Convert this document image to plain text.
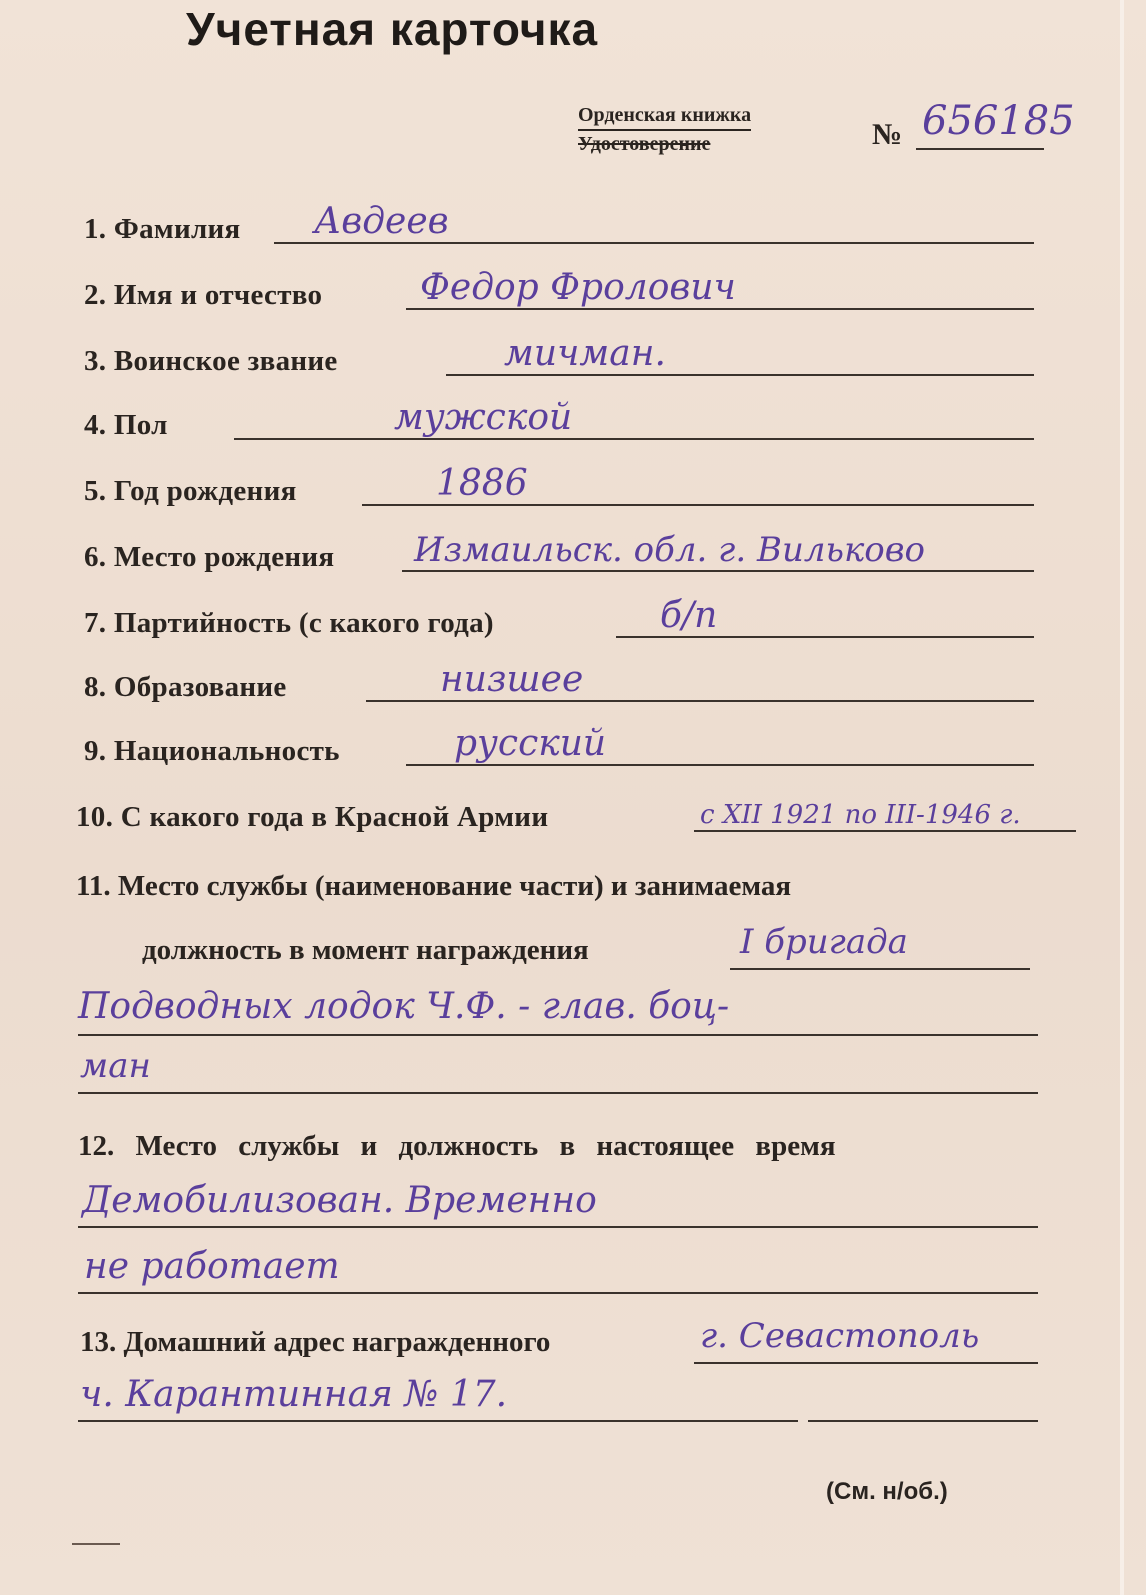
Учетная карточка
Орденская книжка
Удостоверение	№ 656185
1. Фамилия Авдеев
2. Имя и отчество	Федор Фролович
3. Воинское звание	мичман.
4. Пол	мужской
5. Год рождения	1886
6. Место рождения Измаильск. обл. г. Вильково
7. Партийность (с какого года)	б/п
8. Образование	низшее
9. Национальность	русский
10. С какого года в Красной Армии	с XII 1921 по III-1946 г.
11. Место службы (наименование части) и занимаемая
должность в момент награждения	I бригада
Подводных лодок Ч.Ф. - глав. боц-
ман
12. Место службы и должность в настоящее время
Демобилизован. Временно
не работает
13. Домашний адрес награжденного	г. Севастополь
ч. Карантинная № 17.
(См. н/об.)
